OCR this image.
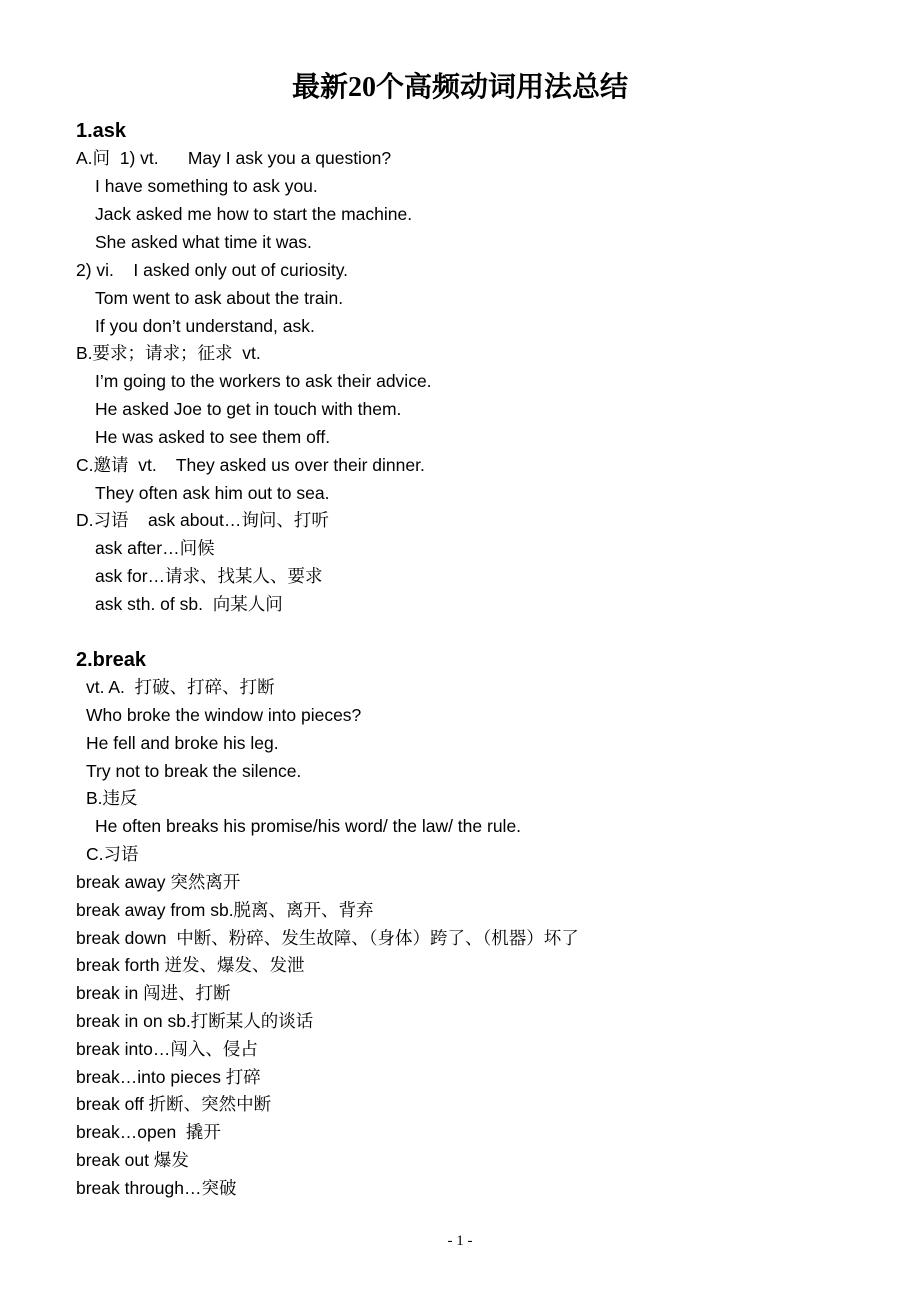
最新20个高频动词用法总结
1.ask
A.问  1) vt.      May I ask you a question?
I have something to ask you.
Jack asked me how to start the machine.
She asked what time it was.
2) vi.    I asked only out of curiosity.
Tom went to ask about the train.
If you don’t understand, ask.
B.要求；请求；征求  vt.
I’m going to the workers to ask their advice.
He asked Joe to get in touch with them.
He was asked to see them off.
C.邀请  vt.    They asked us over their dinner.
They often ask him out to sea.
D.习语    ask about…询问、打听
ask after…问候
ask for…请求、找某人、要求
ask sth. of sb.  向某人问
2.break
vt. A.  打破、打碎、打断
Who broke the window into pieces?
He fell and broke his leg.
Try not to break the silence.
B.违反
He often breaks his promise/his word/ the law/ the rule.
C.习语
break away 突然离开
break away from sb.脱离、离开、背弃
break down  中断、粉碎、发生故障、（身体）跨了、（机器）坏了
break forth 迸发、爆发、发泄
break in 闯进、打断
break in on sb.打断某人的谈话
break into…闯入、侵占
break…into pieces 打碎
break off 折断、突然中断
break…open  撬开
break out 爆发
break through…突破
- 1 -
